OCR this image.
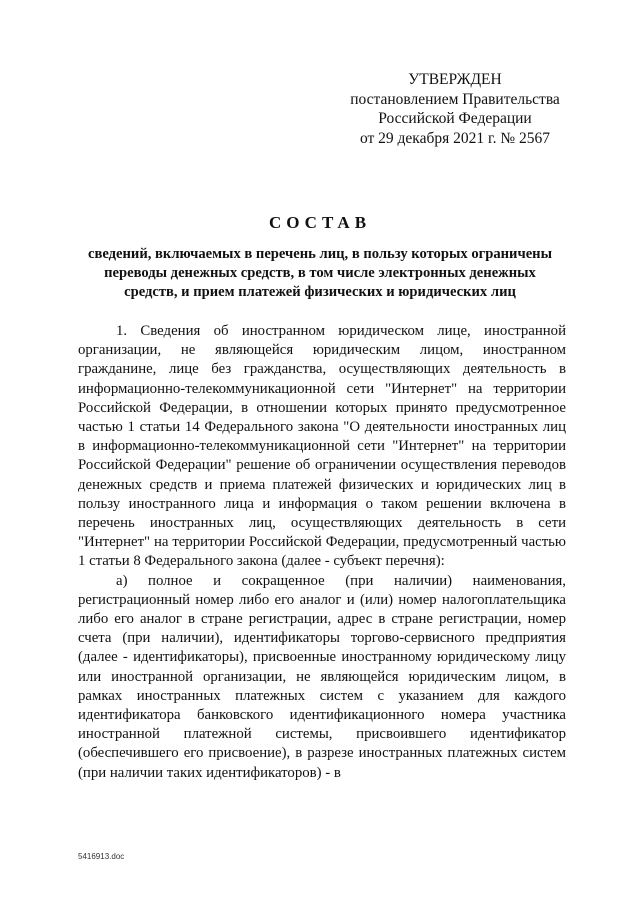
УТВЕРЖДЕН
постановлением Правительства
Российской Федерации
от 29 декабря 2021 г. № 2567
СОСТАВ
сведений, включаемых в перечень лиц, в пользу которых ограничены переводы денежных средств, в том числе электронных денежных средств, и прием платежей физических и юридических лиц

1. Сведения об иностранном юридическом лице, иностранной организации, не являющейся юридическим лицом, иностранном гражданине, лице без гражданства, осуществляющих деятельность в информационно-телекоммуникационной сети "Интернет" на территории Российской Федерации, в отношении которых принято предусмотренное частью 1 статьи 14 Федерального закона "О деятельности иностранных лиц в информационно-телекоммуникационной сети "Интернет" на территории Российской Федерации" решение об ограничении осуществления переводов денежных средств и приема платежей физических и юридических лиц в пользу иностранного лица и информация о таком решении включена в перечень иностранных лиц, осуществляющих деятельность в сети "Интернет" на территории Российской Федерации, предусмотренный частью 1 статьи 8 Федерального закона (далее - субъект перечня):

а) полное и сокращенное (при наличии) наименования, регистрационный номер либо его аналог и (или) номер налогоплательщика либо его аналог в стране регистрации, адрес в стране регистрации, номер счета (при наличии), идентификаторы торгово-сервисного предприятия (далее - идентификаторы), присвоенные иностранному юридическому лицу или иностранной организации, не являющейся юридическим лицом, в рамках иностранных платежных систем с указанием для каждого идентификатора банковского идентификационного номера участника иностранной платежной системы, присвоившего идентификатор (обеспечившего его присвоение), в разрезе иностранных платежных систем (при наличии таких идентификаторов) - в

5416913.doc
